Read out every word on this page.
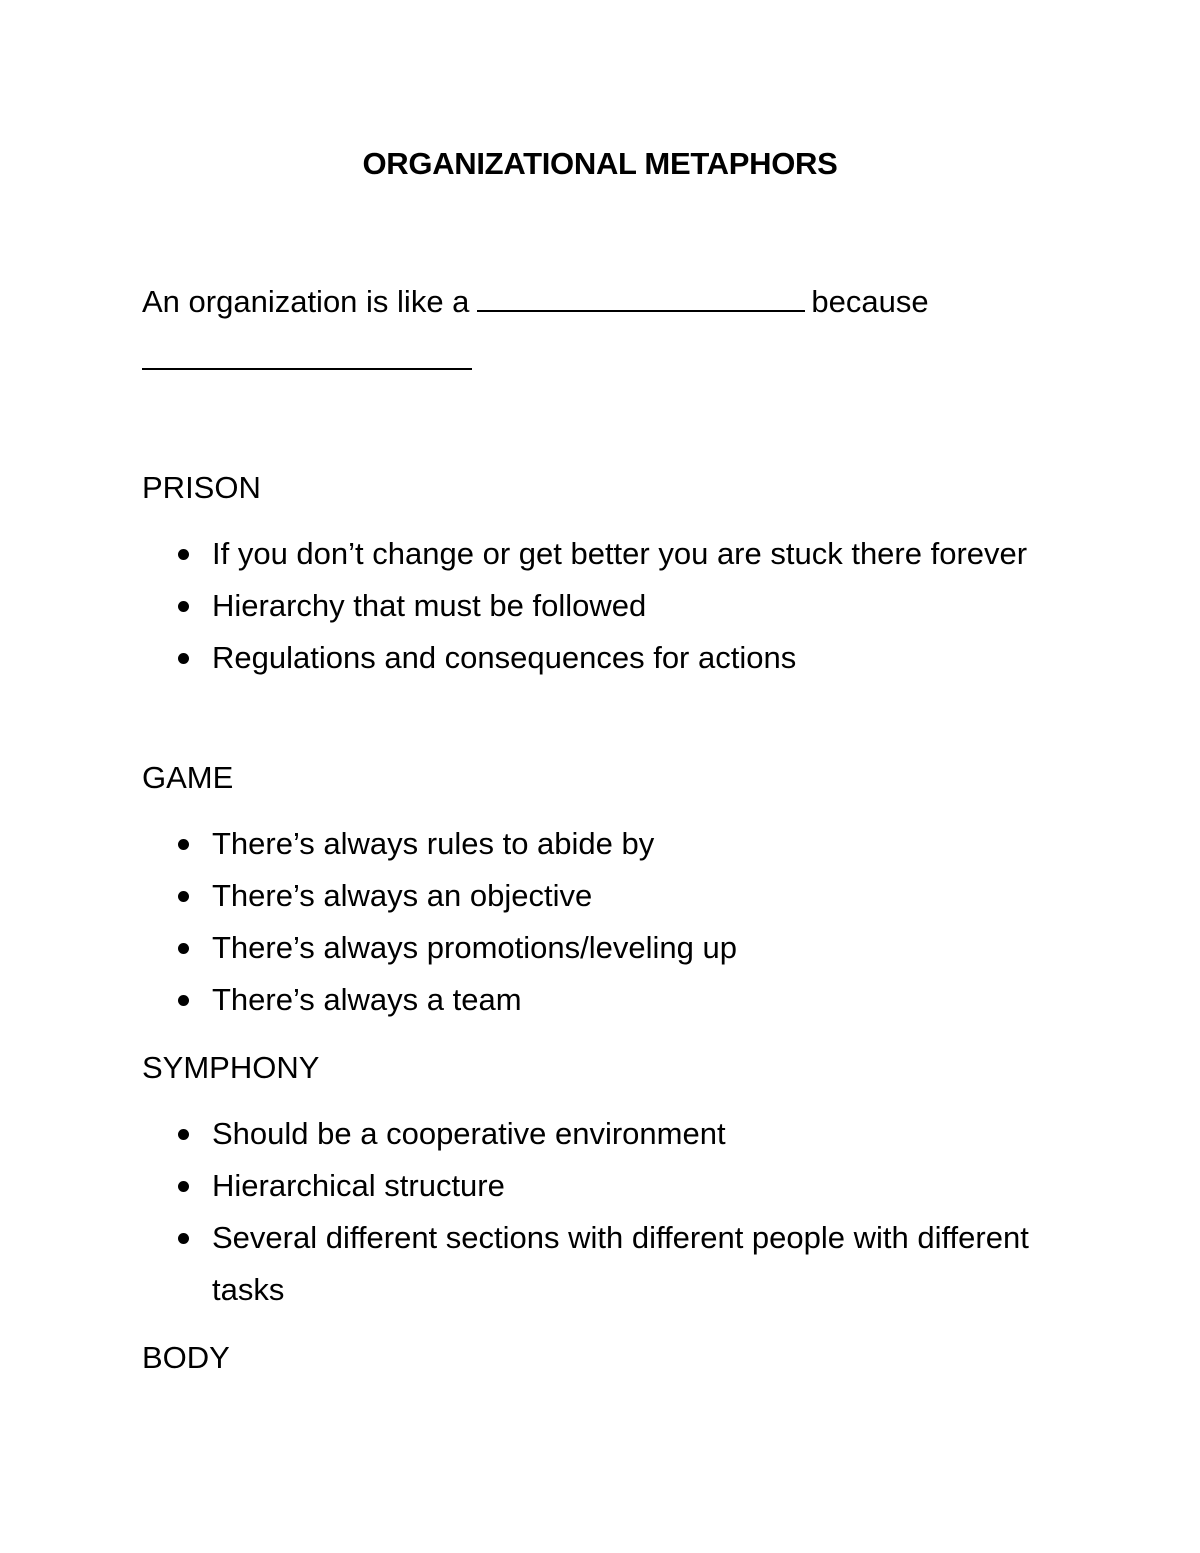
ORGANIZATIONAL METAPHORS
An organization is like a	because
PRISON
If you don’t change or get better you are stuck there forever
Hierarchy that must be followed
Regulations and consequences for actions
GAME
There’s always rules to abide by
There’s always an objective
There’s always promotions/leveling up
There’s always a team
SYMPHONY
Should be a cooperative environment
Hierarchical structure
Several different sections with different people with different tasks
BODY
